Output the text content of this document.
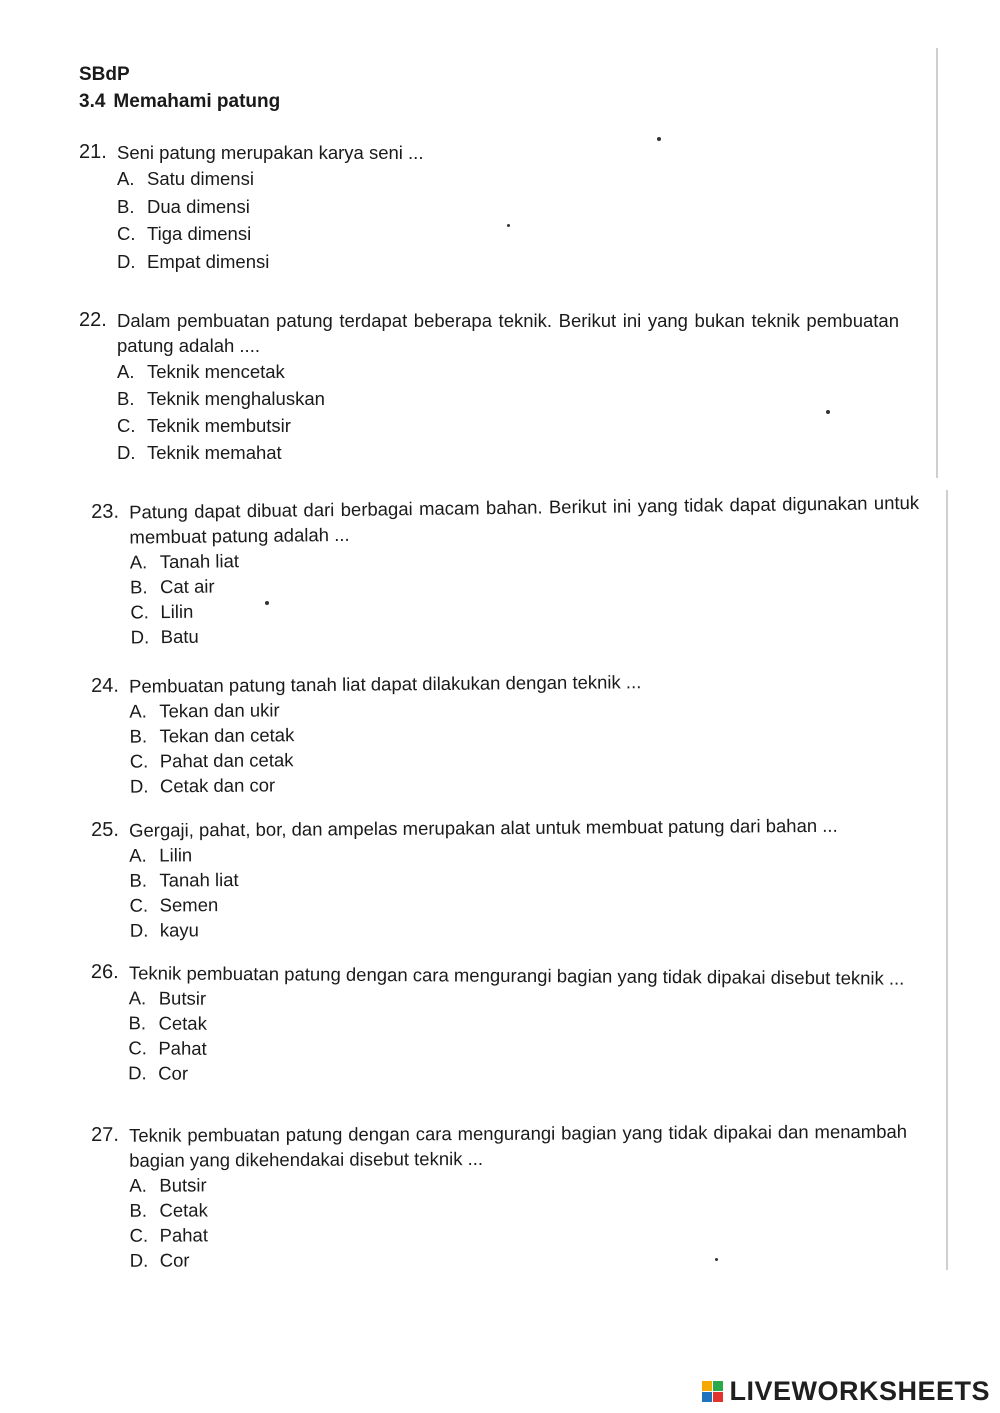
SBdP
3.4 Memahami patung
21. Seni patung merupakan karya seni ...
A. Satu dimensi
B. Dua dimensi
C. Tiga dimensi
D. Empat dimensi
22. Dalam pembuatan patung terdapat beberapa teknik. Berikut ini yang bukan teknik pembuatan patung adalah ....
A. Teknik mencetak
B. Teknik menghaluskan
C. Teknik membutsir
D. Teknik memahat
23. Patung dapat dibuat dari berbagai macam bahan. Berikut ini yang tidak dapat digunakan untuk membuat patung adalah ...
A. Tanah liat
B. Cat air
C. Lilin
D. Batu
24. Pembuatan patung tanah liat dapat dilakukan dengan teknik ...
A. Tekan dan ukir
B. Tekan dan cetak
C. Pahat dan cetak
D. Cetak dan cor
25. Gergaji, pahat, bor, dan ampelas merupakan alat untuk membuat patung dari bahan ...
A. Lilin
B. Tanah liat
C. Semen
D. kayu
26. Teknik pembuatan patung dengan cara mengurangi bagian yang tidak dipakai disebut teknik ...
A. Butsir
B. Cetak
C. Pahat
D. Cor
27. Teknik pembuatan patung dengan cara mengurangi bagian yang tidak dipakai dan menambah bagian yang dikehendakai disebut teknik ...
A. Butsir
B. Cetak
C. Pahat
D. Cor
LIVEWORKSHEETS
